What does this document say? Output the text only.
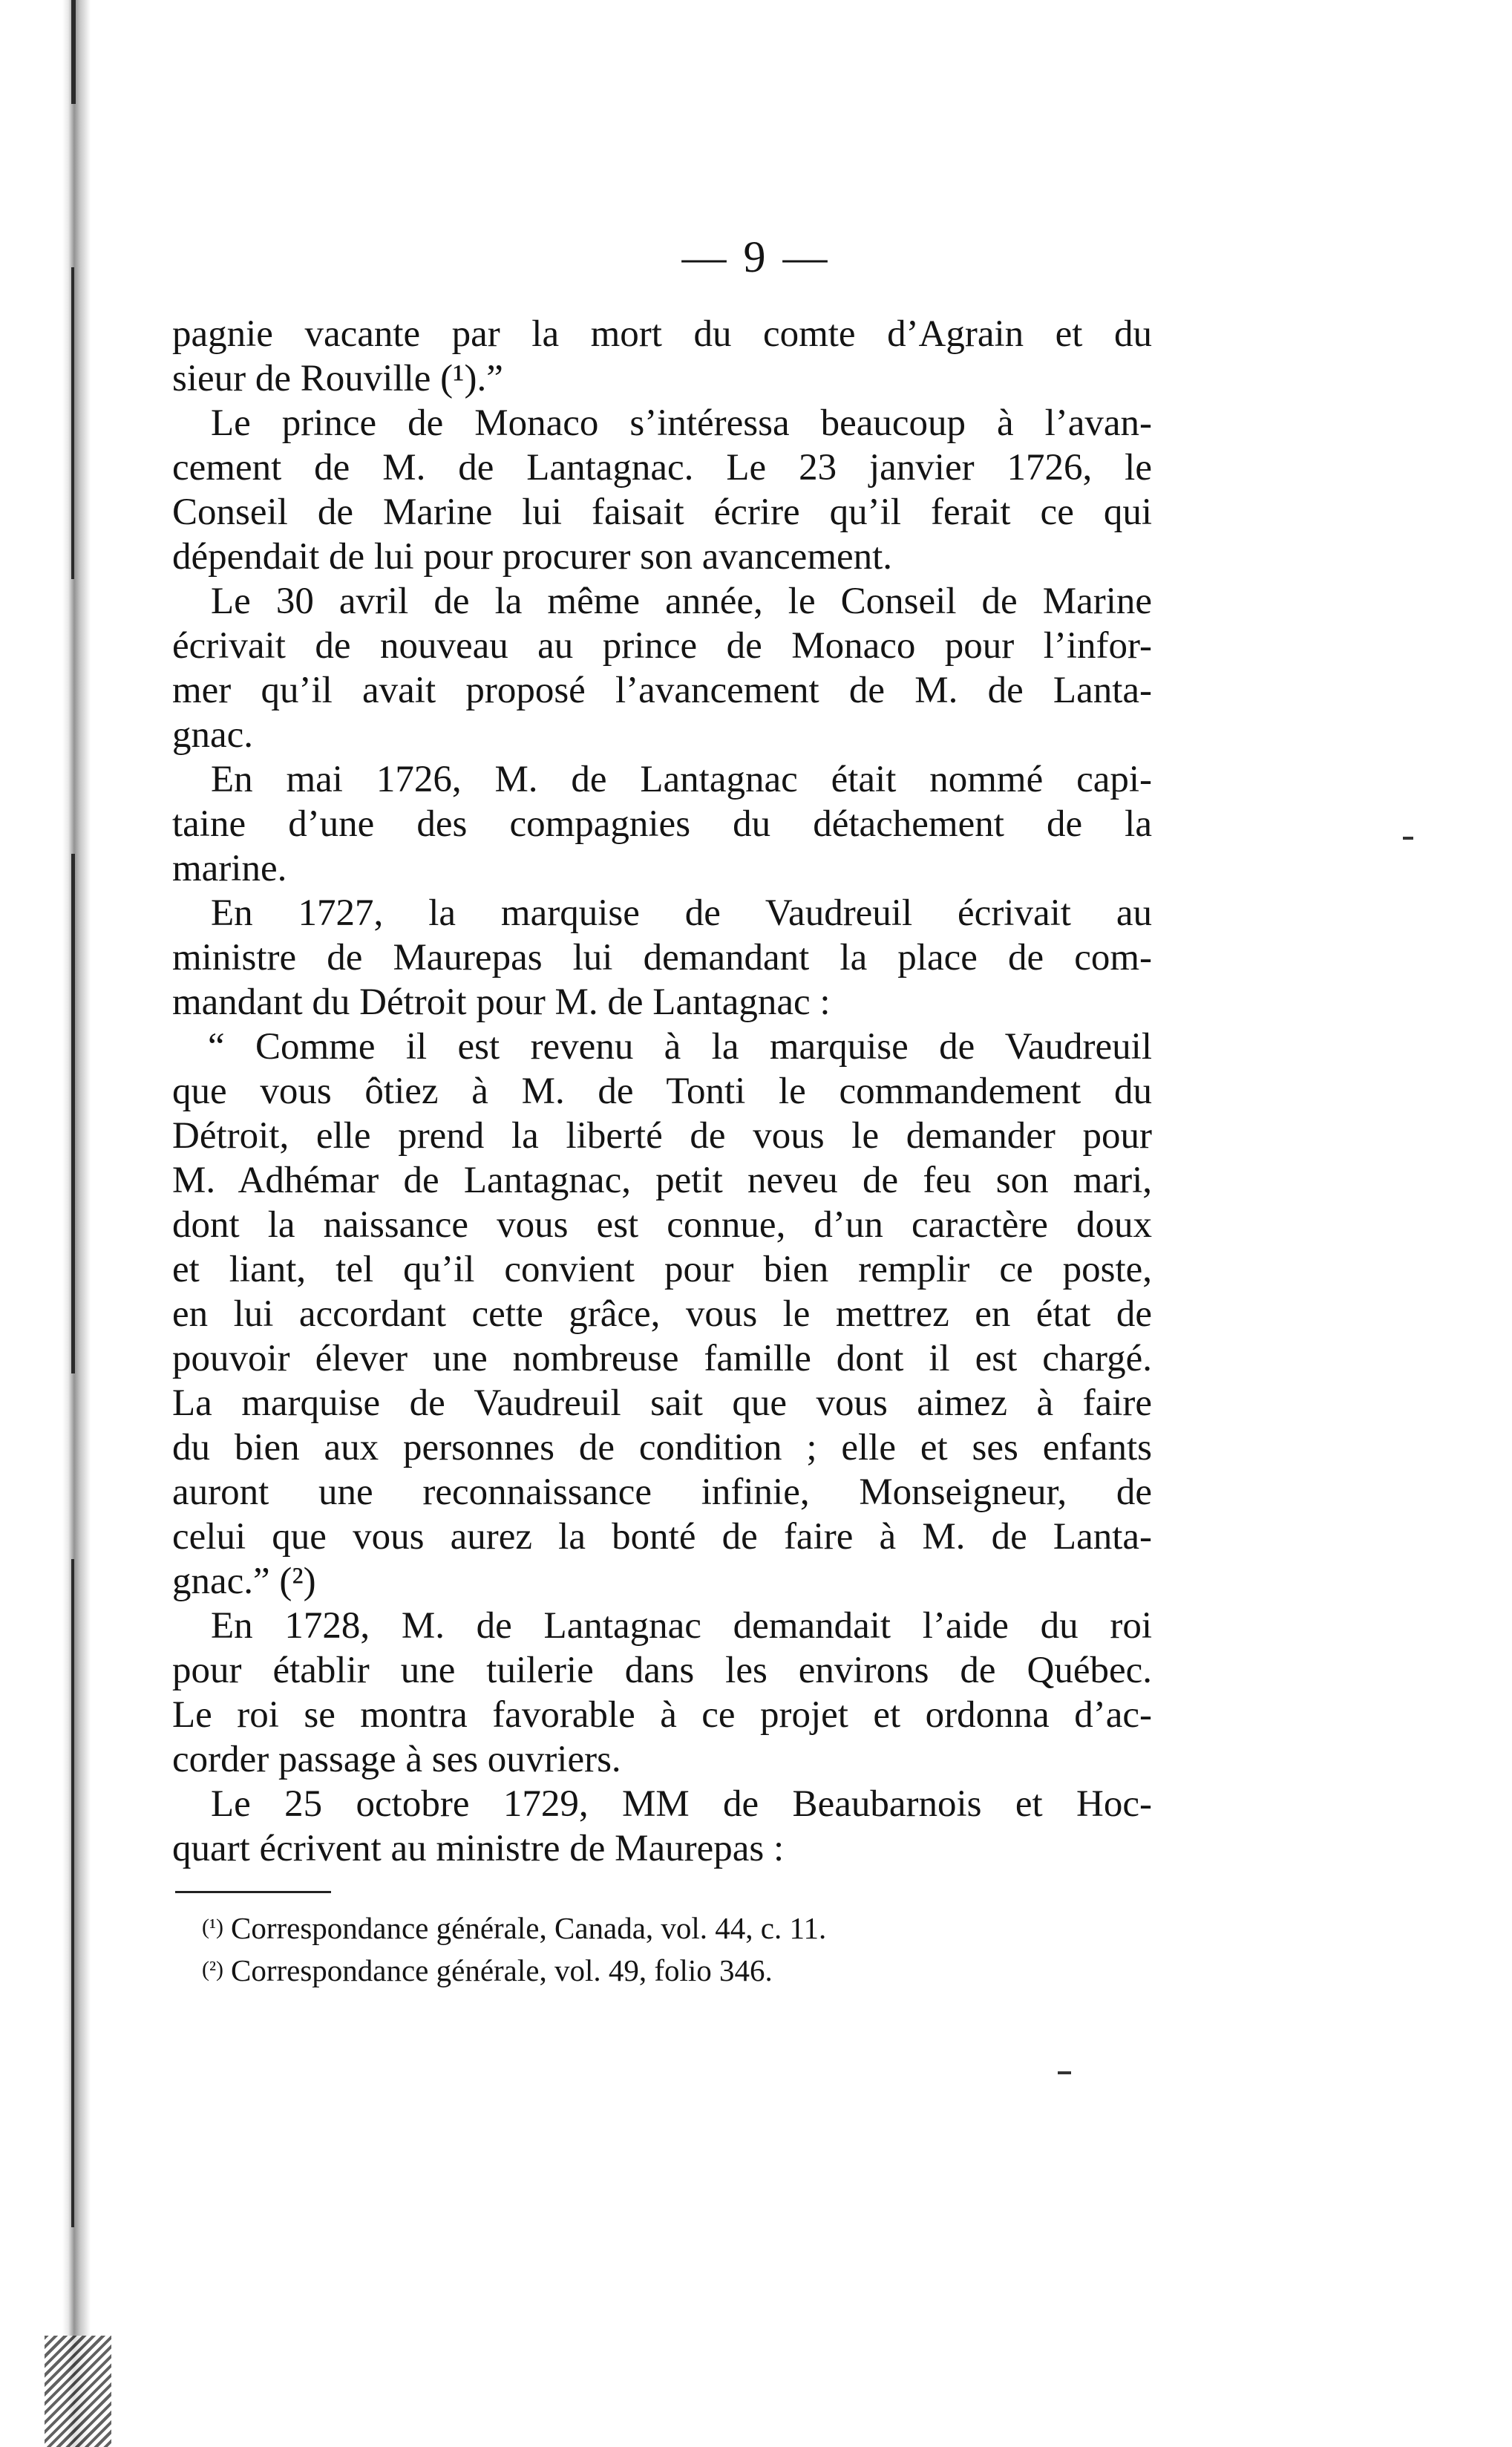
— 9 —
pagnie vacante par la mort du comte d’Agrain et du
sieur de Rouville (¹).”
Le prince de Monaco s’intéressa beaucoup à l’avan-
cement de M. de Lantagnac. Le 23 janvier 1726, le
Conseil de Marine lui faisait écrire qu’il ferait ce qui
dépendait de lui pour procurer son avancement.
Le 30 avril de la même année, le Conseil de Marine
écrivait de nouveau au prince de Monaco pour l’infor-
mer qu’il avait proposé l’avancement de M. de Lanta-
gnac.
En mai 1726, M. de Lantagnac était nommé capi-
taine d’une des compagnies du détachement de la
marine.
En 1727, la marquise de Vaudreuil écrivait au
ministre de Maurepas lui demandant la place de com-
mandant du Détroit pour M. de Lantagnac :
“ Comme il est revenu à la marquise de Vaudreuil
que vous ôtiez à M. de Tonti le commandement du
Détroit, elle prend la liberté de vous le demander pour
M. Adhémar de Lantagnac, petit neveu de feu son mari,
dont la naissance vous est connue, d’un caractère doux
et liant, tel qu’il convient pour bien remplir ce poste,
en lui accordant cette grâce, vous le mettrez en état de
pouvoir élever une nombreuse famille dont il est chargé.
La marquise de Vaudreuil sait que vous aimez à faire
du bien aux personnes de condition ; elle et ses enfants
auront une reconnaissance infinie, Monseigneur, de
celui que vous aurez la bonté de faire à M. de Lanta-
gnac.” (²)
En 1728, M. de Lantagnac demandait l’aide du roi
pour établir une tuilerie dans les environs de Québec.
Le roi se montra favorable à ce projet et ordonna d’ac-
corder passage à ses ouvriers.
Le 25 octobre 1729, MM de Beaubarnois et Hoc-
quart écrivent au ministre de Maurepas :
(¹) Correspondance générale, Canada, vol. 44, c. 11.
(²) Correspondance générale, vol. 49, folio 346.
